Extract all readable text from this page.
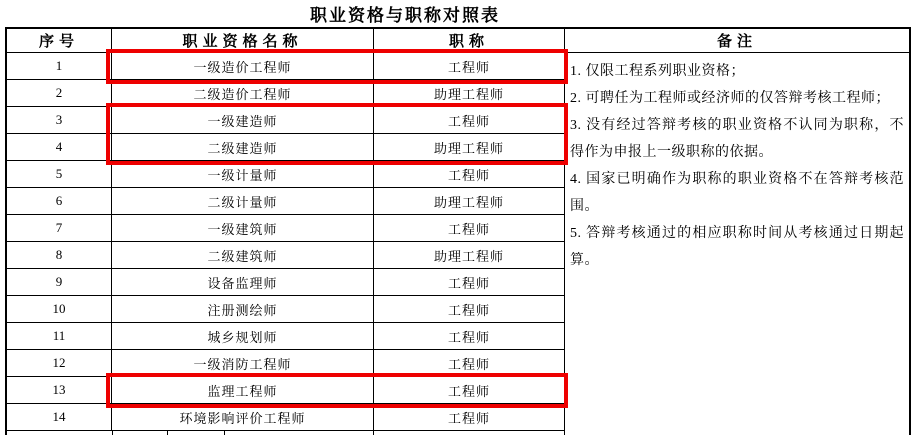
职业资格与职称对照表
序号	职业资格名称	职称
1	一级造价工程师	工程师
2	二级造价工程师	助理工程师
3	一级建造师	工程师
4	二级建造师	助理工程师
5	一级计量师	工程师
6	二级计量师	助理工程师
7	一级建筑师	工程师
8	二级建筑师	助理工程师
9	设备监理师	工程师
10	注册测绘师	工程师
11	城乡规划师	工程师
12	一级消防工程师	工程师
13	监理工程师	工程师
14	环境影响评价工程师	工程师
备注

1. 仅限工程系列职业资格；

2. 可聘任为工程师或经济师的仅答辩考核工程师；

3. 没有经过答辩考核的职业资格不认同为职称，不得作为申报上一级职称的依据。

4. 国家已明确作为职称的职业资格不在答辩考核范围。

5. 答辩考核通过的相应职称时间从考核通过日期起算。
